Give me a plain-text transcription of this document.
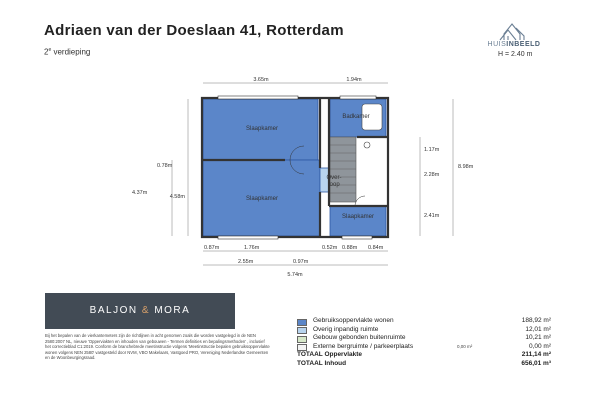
Adriaen van der Doeslaan 41, Rotterdam
2e verdieping
HUISINBEELD
H = 2.40 m
Slaapkamer
Slaapkamer
Slaapkamer
Badkamer
Over-loop
3.65m	1.94m
4.58m
4.37m
0.78m	8.98m
1.17m
2.28m
2.41m
0.87m	1.76m	0.52m 0.88m 0.84m
2.55m	0.97m
5.74m
BALJON & MORA
Bij het bepalen van de vierkantemeters zijn de richtlijnen in acht genomen zoals die worden vastgelegd in de NEN 2580:2007 NL, nieuwe 'Opperviakten en inhouden van gebouwen - Termen definities en bepalingsmethoden' , inclusief het correctieblad C1:2019. Conform de branchebrede meetinstructie volgens 'Meetinstructie bepalen gebruiksoppervlakte wonen volgens NEN 2580' vastgesteld door NVM, VBO Makelaars, Vastgoed PRO, Vereniging Nederlandse Gemeenten en de Woonbeurgingsraad.
Gebruiksoppervlakte wonen	188,92 m²
Overig inpandig ruimte	12,01 m²
Gebouw gebonden buitenruimte	10,21 m²
Externe bergruimte / parkeerplaats	0,00 m²	0,00 m²
TOTAAL Oppervlakte	211,14 m²
TOTAAL Inhoud	656,01 m³
